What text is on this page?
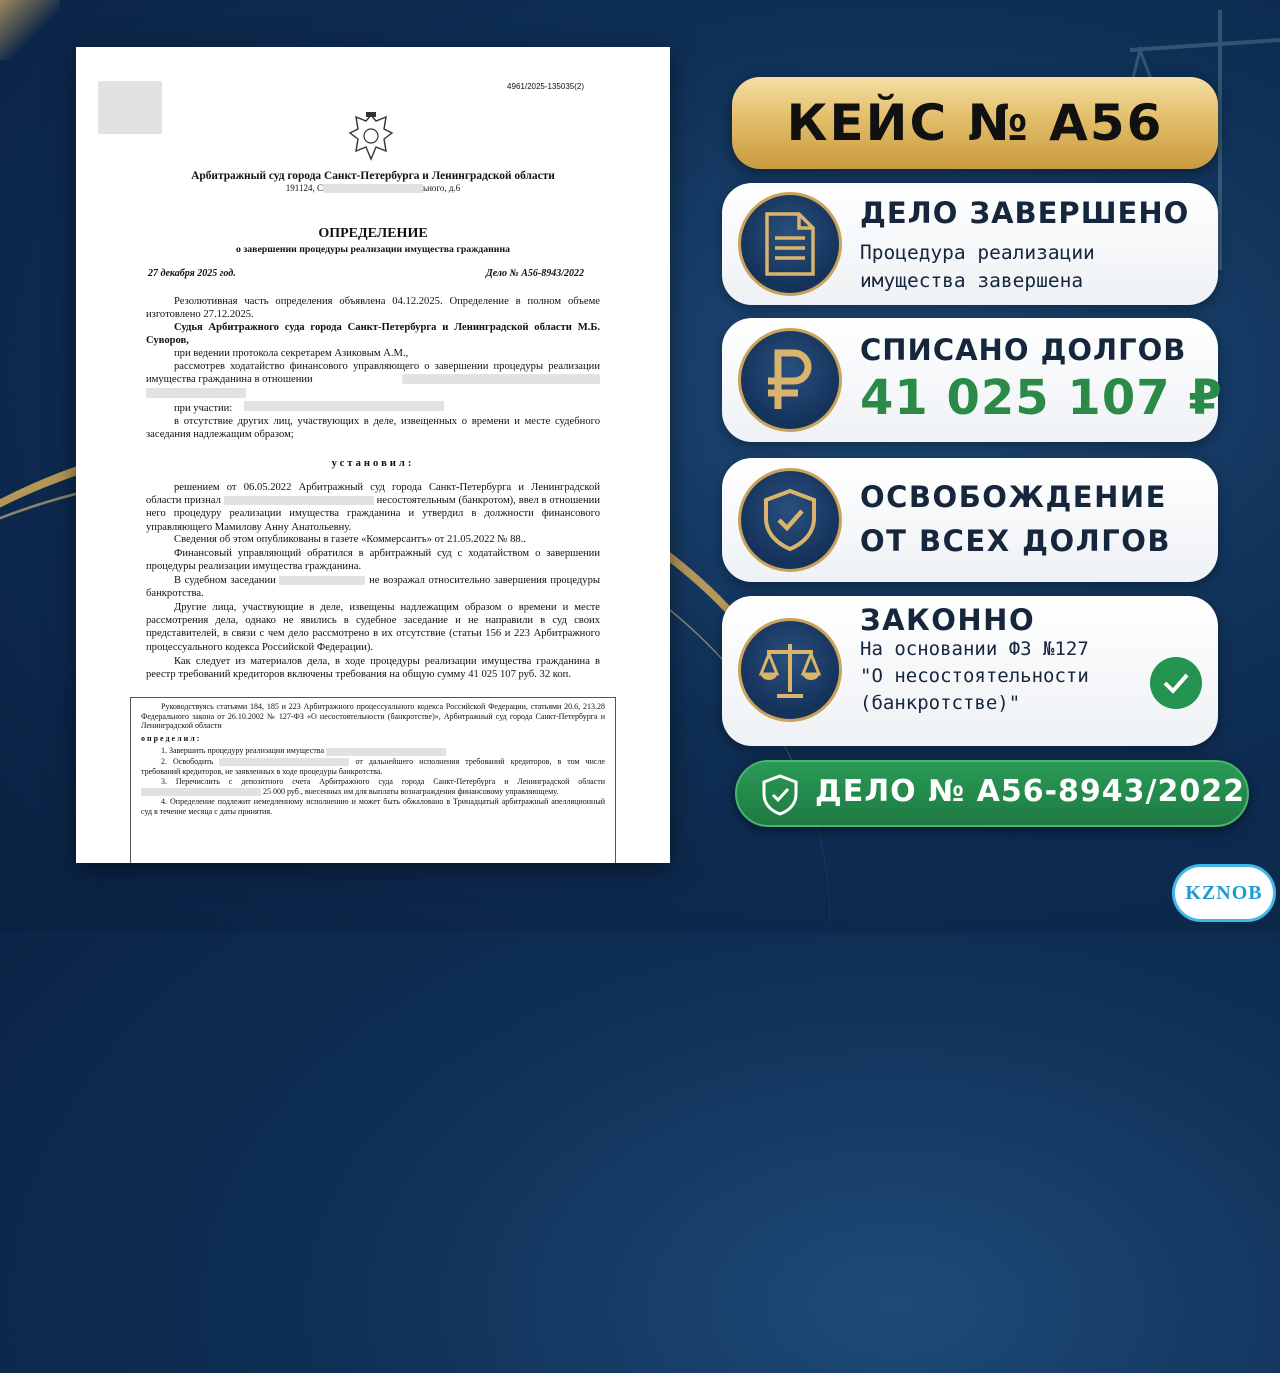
4961/2025-135035(2)
Арбитражный суд города Санкт-Петербурга и Ленинградской области
191124, С	ьного, д.6
ОПРЕДЕЛЕНИЕ
о завершении процедуры реализации имущества гражданина
27 декабря 2025 год.	Дело № А56-8943/2022
Резолютивная часть определения объявлена 04.12.2025. Определение в полном объеме изготовлено 27.12.2025.
Судья Арбитражного суда города Санкт-Петербурга и Ленинградской области М.Б. Суворов,
при ведении протокола секретарем Азиковым А.М.,
рассмотрев ходатайство финансового управляющего о завершении процедуры реализации имущества гражданина в отношении
при участии:
в отсутствие других лиц, участвующих в деле, извещенных о времени и месте судебного заседания надлежащим образом;
установил:
решением от 06.05.2022 Арбитражный суд города Санкт-Петербурга и Ленинградской области признал	несостоятельным (банкротом), ввел в отношении него процедуру реализации имущества гражданина и утвердил в должности финансового управляющего Мамилову Анну Анатольевну.
Сведения об этом опубликованы в газете «Коммерсантъ» от 21.05.2022 № 88..
Финансовый управляющий обратился в арбитражный суд с ходатайством о завершении процедуры реализации имущества гражданина.
В судебном заседании	не возражал относительно завершения процедуры банкротства.
Другие лица, участвующие в деле, извещены надлежащим образом о времени и месте рассмотрения дела, однако не явились в судебное заседание и не направили в суд своих представителей, в связи с чем дело рассмотрено в их отсутствие (статьи 156 и 223 Арбитражного процессуального кодекса Российской Федерации).
Как следует из материалов дела, в ходе процедуры реализации имущества гражданина в реестр требований кредиторов включены требования на общую сумму 41 025 107 руб. 32 коп.

Руководствуясь статьями 184, 185 и 223 Арбитражного процессуального кодекса Российской Федерации, статьями 20.6, 213.28 Федерального закона от 26.10.2002 № 127-ФЗ «О несостоятельности (банкротстве)», Арбитражный суд города Санкт-Петербурга и Ленинградской области

определил:

1. Завершить процедуру реализации имущества

2. Освободить	от дальнейшего исполнения требований кредиторов, в том числе требований кредиторов, не заявленных в ходе процедуры банкротства.

3. Перечислить с депозитного счета Арбитражного суда города Санкт-Петербурга и Ленинградской области  25 000 руб., внесенных им для выплаты вознаграждения финансовому управляющему.

4. Определение подлежит немедленному исполнению и может быть обжаловано в Тринадцатый арбитражный апелляционный суд в течение месяца с даты принятия.

КЕЙС № А56
ДЕЛО ЗАВЕРШЕНО
Процедура реализации
имущества завершена
СПИСАНО ДОЛГОВ
41 025 107 ₽
ОСВОБОЖДЕНИЕ
ОТ ВСЕХ ДОЛГОВ
ЗАКОННО
На основании ФЗ №127
"О несостоятельности
(банкротстве)"
ДЕЛО № А56-8943/2022
KZNOB
